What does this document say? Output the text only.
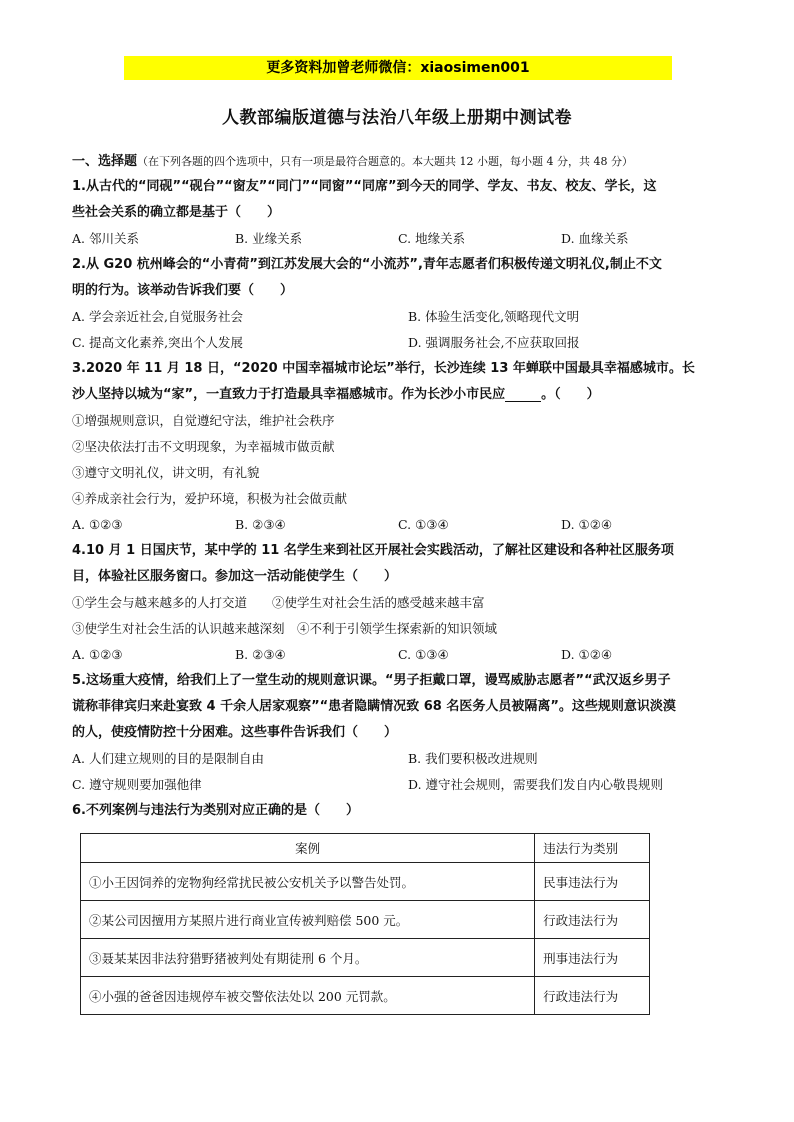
更多资料加曾老师微信：xiaosimen001
人教部编版道德与法治八年级上册期中测试卷
一、选择题（在下列各题的四个选项中，只有一项是最符合题意的。本大题共 12 小题，每小题 4 分，共 48 分）
1.从古代的“同砚”“砚台”“窗友”“同门”“同窗”“同席”到今天的同学、学友、书友、校友、学长，这
些社会关系的确立都是基于（　　）
A. 邻川关系	B. 业缘关系	C. 地缘关系	D. 血缘关系
2.从 G20 杭州峰会的“小青荷”到江苏发展大会的“小流苏”,青年志愿者们积极传递文明礼仪,制止不文
明的行为。该举动告诉我们要（　　）
A. 学会亲近社会,自觉服务社会	B. 体验生活变化,领略现代文明
C. 提高文化素养,突出个人发展	D. 强调服务社会,不应获取回报
3.2020 年 11 月 18 日，“2020 中国幸福城市论坛”举行，长沙连续 13 年蝉联中国最具幸福感城市。长
沙人坚持以城为“家”，一直致力于打造最具幸福感城市。作为长沙小市民应	。（　　）
①增强规则意识，自觉遵纪守法，维护社会秩序
②坚决依法打击不文明现象，为幸福城市做贡献
③遵守文明礼仪，讲文明，有礼貌
④养成亲社会行为，爱护环境，积极为社会做贡献
A. ①②③	B. ②③④	C. ①③④	D. ①②④
4.10 月 1 日国庆节，某中学的 11 名学生来到社区开展社会实践活动，了解社区建设和各种社区服务项
目，体验社区服务窗口。参加这一活动能使学生（　　）
①学生会与越来越多的人打交道　　②使学生对社会生活的感受越来越丰富
③使学生对社会生活的认识越来越深刻　④不利于引领学生探索新的知识领域
A. ①②③	B. ②③④	C. ①③④	D. ①②④
5.这场重大疫情，给我们上了一堂生动的规则意识课。“男子拒戴口罩，谩骂威胁志愿者”“武汉返乡男子
谎称菲律宾归来赴宴致 4 千余人居家观察”“患者隐瞒情况致 68 名医务人员被隔离”。这些规则意识淡漠
的人，使疫情防控十分困难。这些事件告诉我们（　　）
A. 人们建立规则的目的是限制自由	B. 我们要积极改进规则
C. 遵守规则要加强他律	D. 遵守社会规则，需要我们发自内心敬畏规则
6.不列案例与违法行为类别对应正确的是（　　）
案例	违法行为类别
①小王因饲养的宠物狗经常扰民被公安机关予以警告处罚。	民事违法行为
②某公司因擅用方某照片进行商业宣传被判赔偿 500 元。	行政违法行为
③聂某某因非法狩猎野猪被判处有期徒刑 6 个月。	刑事违法行为
④小强的爸爸因违规停车被交警依法处以 200 元罚款。	行政违法行为
